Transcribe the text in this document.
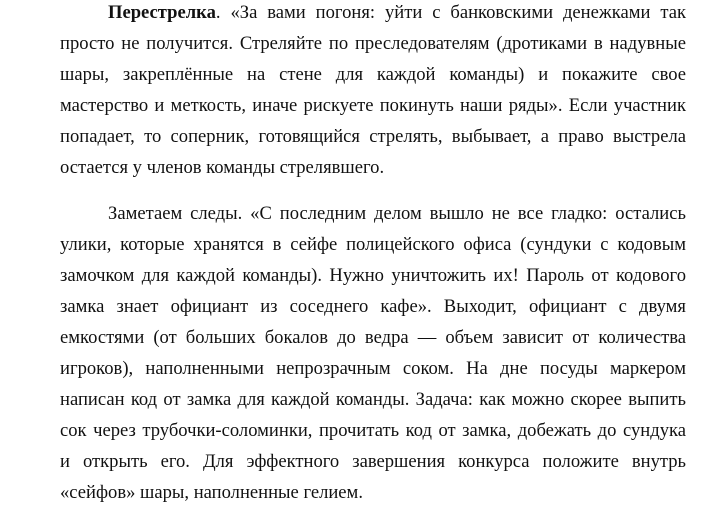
Перестрелка. «За вами погоня: уйти с банковскими денежками так
просто не получится. Стреляйте по преследователям (дротиками в надувные
шары, закреплённые на стене для каждой команды) и покажите свое
мастерство и меткость, иначе рискуете покинуть наши ряды». Если участник
попадает, то соперник, готовящийся стрелять, выбывает, а право выстрела
остается у членов команды стрелявшего.
Заметаем следы. «С последним делом вышло не все гладко: остались
улики, которые хранятся в сейфе полицейского офиса (сундуки с кодовым
замочком для каждой команды). Нужно уничтожить их! Пароль от кодового
замка знает официант из соседнего кафе». Выходит, официант с двумя
емкостями (от больших бокалов до ведра — объем зависит от количества
игроков), наполненными непрозрачным соком. На дне посуды маркером
написан код от замка для каждой команды. Задача: как можно скорее выпить
сок через трубочки-соломинки, прочитать код от замка, добежать до сундука
и открыть его. Для эффектного завершения конкурса положите внутрь
«сейфов» шары, наполненные гелием.
